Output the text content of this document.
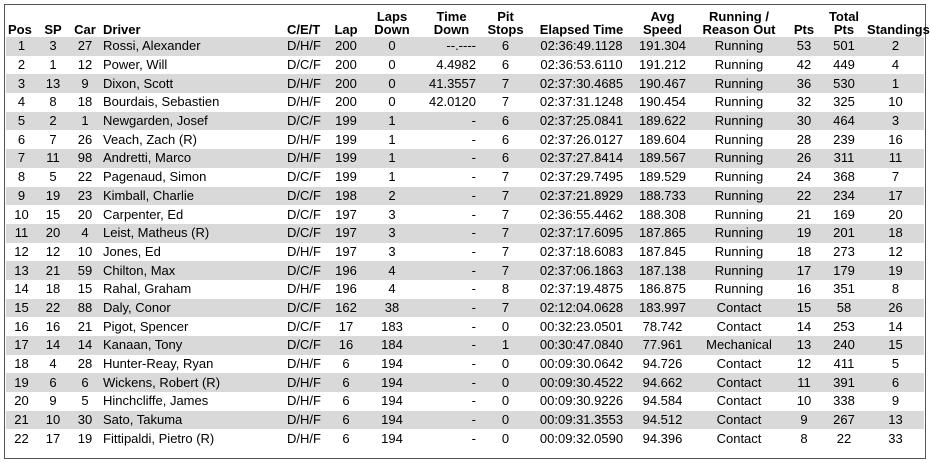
Pos	SP	Car	Driver	C/E/T	Lap	Laps Down	Time Down	Pit Stops	Elapsed Time	Avg Speed	Running / Reason Out	Pts	Total Pts	Standings
1	3	27	Rossi, Alexander	D/H/F	200	0	--.----	6	02:36:49.1128	191.304	Running	53	501	2
2	1	12	Power, Will	D/C/F	200	0	4.4982	6	02:36:53.6110	191.212	Running	42	449	4
3	13	9	Dixon, Scott	D/H/F	200	0	41.3557	7	02:37:30.4685	190.467	Running	36	530	1
4	8	18	Bourdais, Sebastien	D/H/F	200	0	42.0120	7	02:37:31.1248	190.454	Running	32	325	10
5	2	1	Newgarden, Josef	D/C/F	199	1	-	6	02:37:25.0841	189.622	Running	30	464	3
6	7	26	Veach, Zach (R)	D/H/F	199	1	-	6	02:37:26.0127	189.604	Running	28	239	16
7	11	98	Andretti, Marco	D/H/F	199	1	-	6	02:37:27.8414	189.567	Running	26	311	11
8	5	22	Pagenaud, Simon	D/C/F	199	1	-	7	02:37:29.7495	189.529	Running	24	368	7
9	19	23	Kimball, Charlie	D/C/F	198	2	-	7	02:37:21.8929	188.733	Running	22	234	17
10	15	20	Carpenter, Ed	D/C/F	197	3	-	7	02:36:55.4462	188.308	Running	21	169	20
11	20	4	Leist, Matheus (R)	D/C/F	197	3	-	7	02:37:17.6095	187.865	Running	19	201	18
12	12	10	Jones, Ed	D/H/F	197	3	-	7	02:37:18.6083	187.845	Running	18	273	12
13	21	59	Chilton, Max	D/C/F	196	4	-	7	02:37:06.1863	187.138	Running	17	179	19
14	18	15	Rahal, Graham	D/H/F	196	4	-	8	02:37:19.4875	186.875	Running	16	351	8
15	22	88	Daly, Conor	D/C/F	162	38	-	7	02:12:04.0628	183.997	Contact	15	58	26
16	16	21	Pigot, Spencer	D/C/F	17	183	-	0	00:32:23.0501	78.742	Contact	14	253	14
17	14	14	Kanaan, Tony	D/C/F	16	184	-	1	00:30:47.0840	77.961	Mechanical	13	240	15
18	4	28	Hunter-Reay, Ryan	D/H/F	6	194	-	0	00:09:30.0642	94.726	Contact	12	411	5
19	6	6	Wickens, Robert (R)	D/H/F	6	194	-	0	00:09:30.4522	94.662	Contact	11	391	6
20	9	5	Hinchcliffe, James	D/H/F	6	194	-	0	00:09:30.9226	94.584	Contact	10	338	9
21	10	30	Sato, Takuma	D/H/F	6	194	-	0	00:09:31.3553	94.512	Contact	9	267	13
22	17	19	Fittipaldi, Pietro (R)	D/H/F	6	194	-	0	00:09:32.0590	94.396	Contact	8	22	33
